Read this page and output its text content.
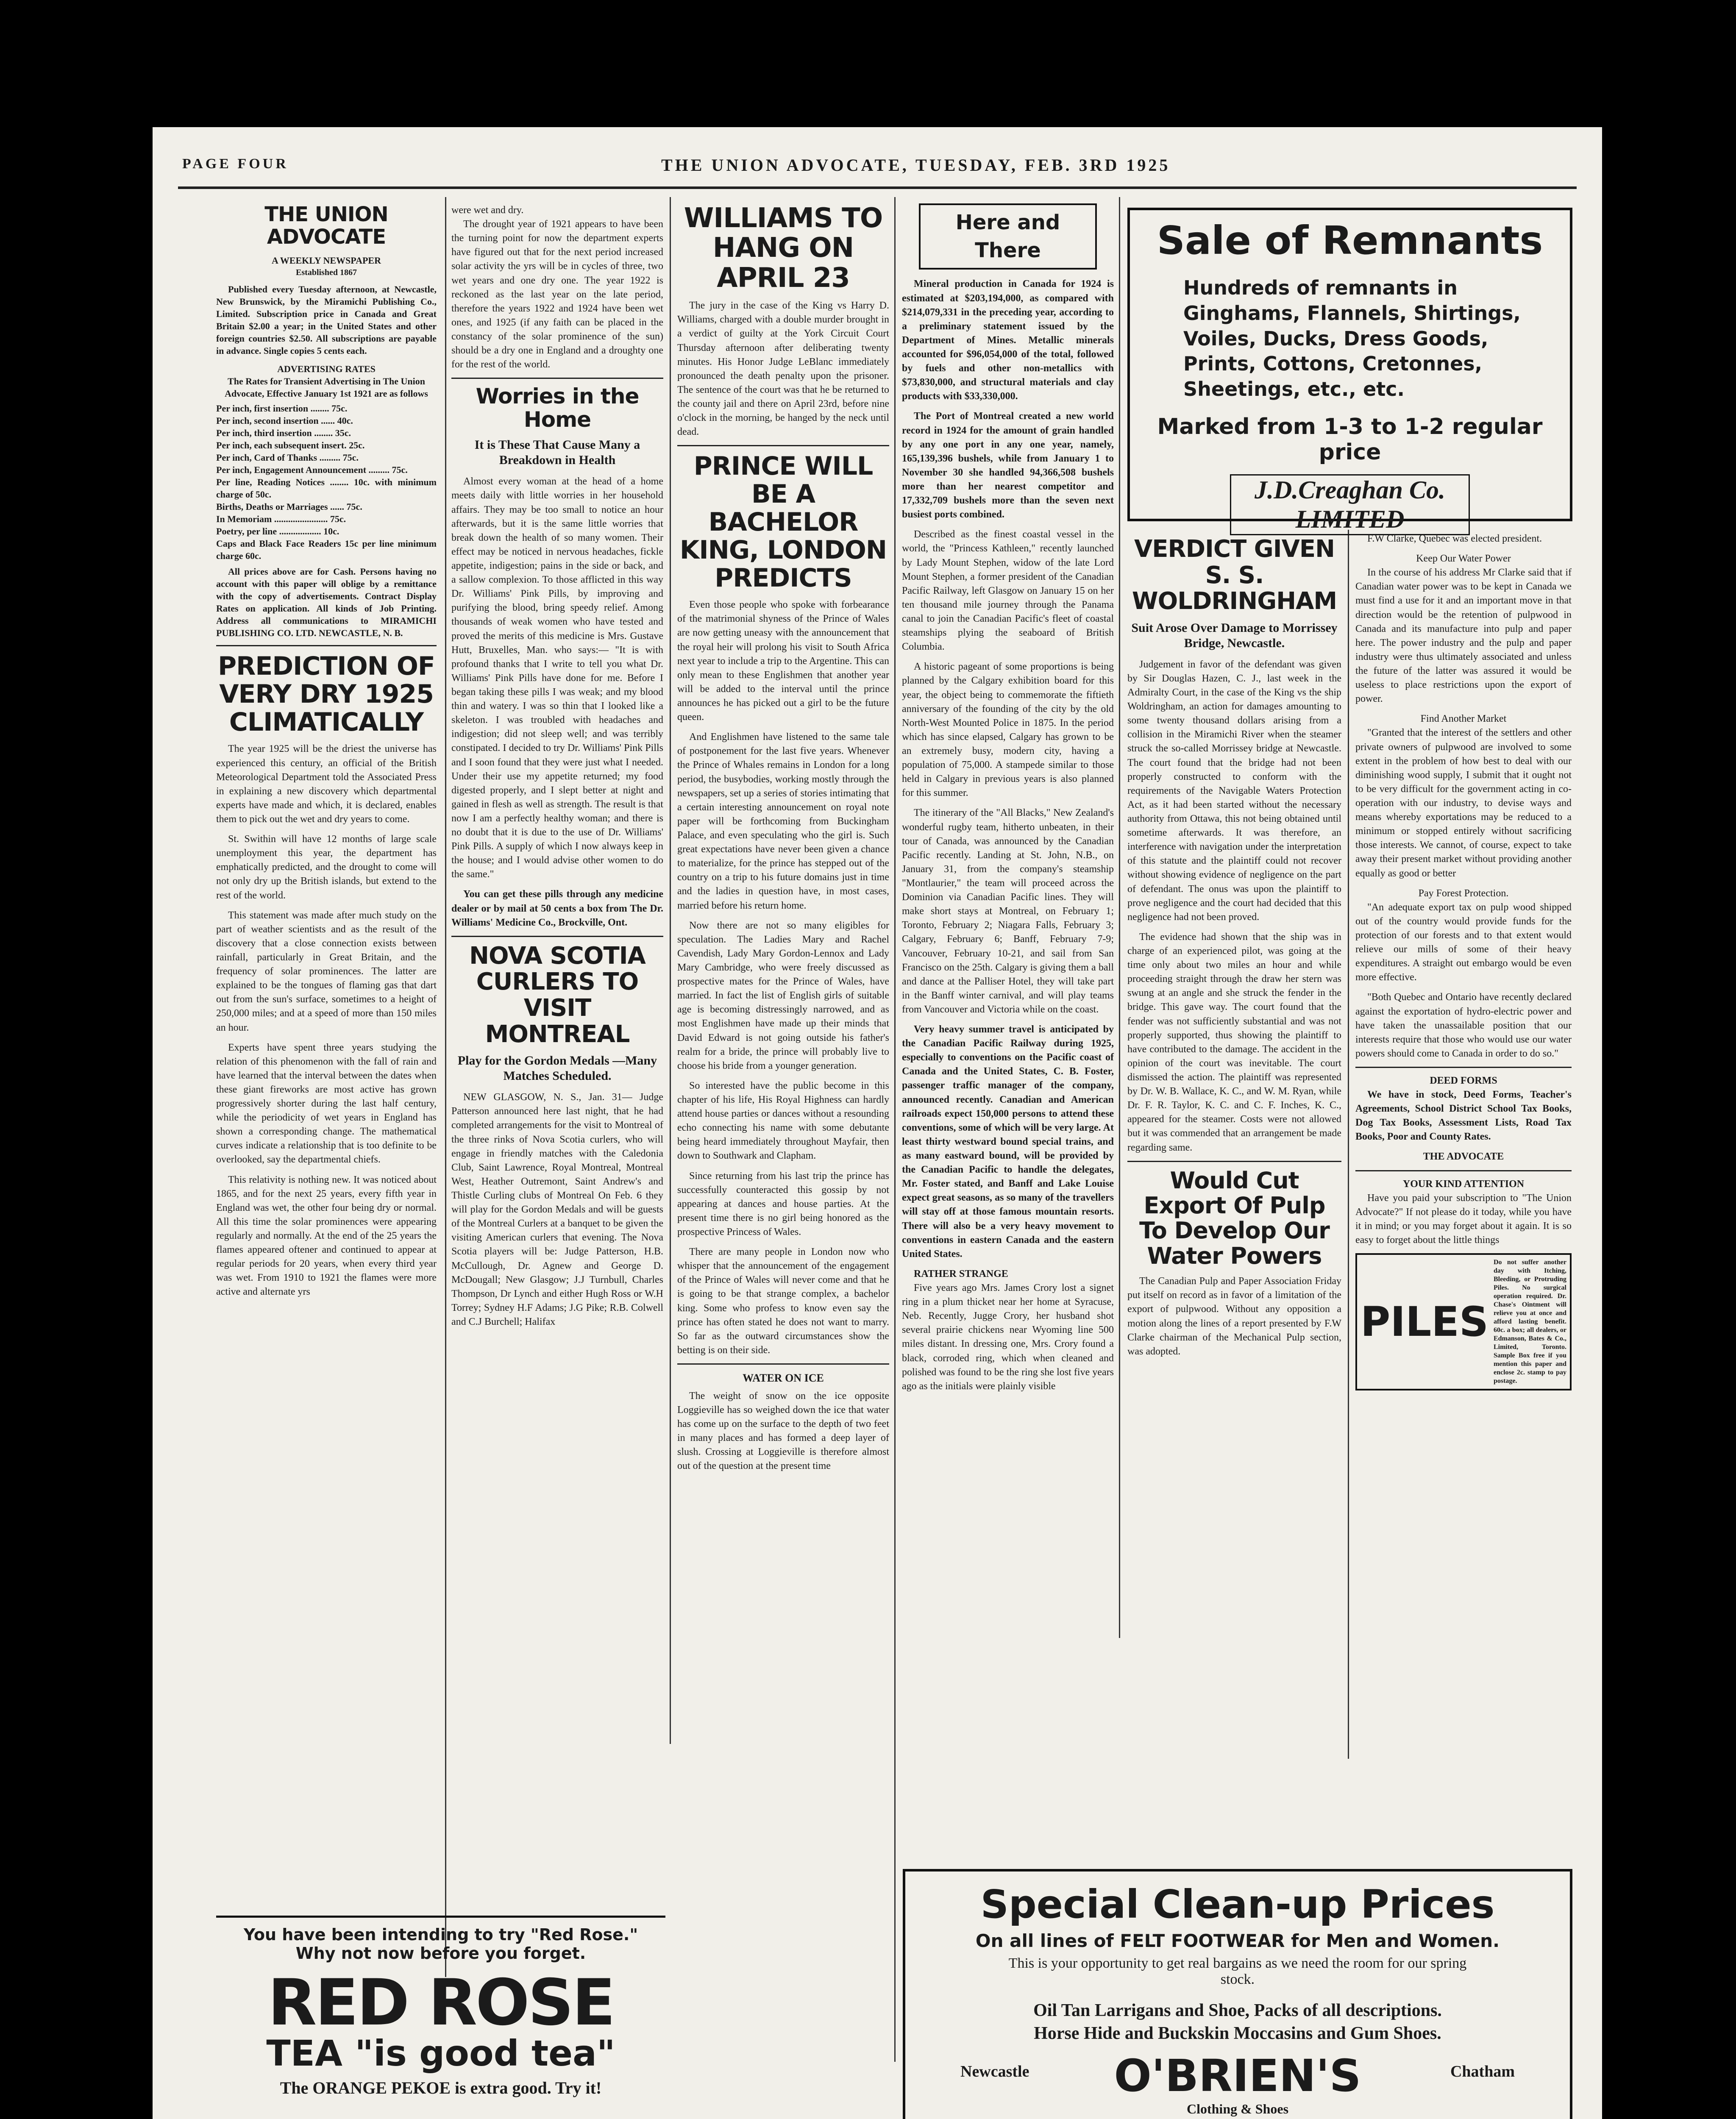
PAGE FOUR	THE UNION ADVOCATE, TUESDAY, FEB. 3RD 1925
THE UNION ADVOCATE
A WEEKLY NEWSPAPER
Established 1867

Published every Tuesday afternoon, at Newcastle, New Brunswick, by the Miramichi Publishing Co., Limited. Subscription price in Canada and Great Britain $2.00 a year; in the United States and other foreign countries $2.50. All subscriptions are payable in advance. Single copies 5 cents each.

ADVERTISING RATES
The Rates for Transient Advertising in The Union Advocate, Effective January 1st 1921 are as follows
Per inch, first insertion ........ 75c.
Per inch, second insertion ...... 40c.
Per inch, third insertion ........ 35c.
Per inch, each subsequent insert. 25c.
Per inch, Card of Thanks ......... 75c.
Per inch, Engagement Announcement ......... 75c.
Per line, Reading Notices ........ 10c. with minimum charge of 50c.
Births, Deaths or Marriages ...... 75c.
In Memoriam ....................... 75c.
Poetry, per line .................. 10c.
Caps and Black Face Readers 15c per line minimum charge 60c.

All prices above are for Cash. Persons having no account with this paper will oblige by a remittance with the copy of advertisements. Contract Display Rates on application. All kinds of Job Printing. Address all communications to MIRAMICHI PUBLISHING CO. LTD. NEWCASTLE, N. B.

PREDICTION OF VERY DRY 1925 CLIMATICALLY

The year 1925 will be the driest the universe has experienced this century, an official of the British Meteorological Department told the Associated Press in explaining a new discovery which departmental experts have made and which, it is declared, enables them to pick out the wet and dry years to come.

St. Swithin will have 12 months of large scale unemployment this year, the department has emphatically predicted, and the drought to come will not only dry up the British islands, but extend to the rest of the world.

This statement was made after much study on the part of weather scientists and as the result of the discovery that a close connection exists between rainfall, particularly in Great Britain, and the frequency of solar prominences. The latter are explained to be the tongues of flaming gas that dart out from the sun's surface, sometimes to a height of 250,000 miles; and at a speed of more than 150 miles an hour.

Experts have spent three years studying the relation of this phenomenon with the fall of rain and have learned that the interval between the dates when these giant fireworks are most active has grown progressively shorter during the last half century, while the periodicity of wet years in England has shown a corresponding change. The mathematical curves indicate a relationship that is too definite to be overlooked, say the departmental chiefs.

This relativity is nothing new. It was noticed about 1865, and for the next 25 years, every fifth year in England was wet, the other four being dry or normal. All this time the solar prominences were appearing regularly and normally. At the end of the 25 years the flames appeared oftener and continued to appear at regular periods for 20 years, when every third year was wet. From 1910 to 1921 the flames were more active and alternate yrs

were wet and dry.

The drought year of 1921 appears to have been the turning point for now the department experts have figured out that for the next period increased solar activity the yrs will be in cycles of three, two wet years and one dry one. The year 1922 is reckoned as the last year on the late period, therefore the years 1922 and 1924 have been wet ones, and 1925 (if any faith can be placed in the constancy of the solar prominence of the sun) should be a dry one in England and a droughty one for the rest of the world.

Worries in the Home
It is These That Cause Many a Breakdown in Health

Almost every woman at the head of a home meets daily with little worries in her household affairs. They may be too small to notice an hour afterwards, but it is the same little worries that break down the health of so many women. Their effect may be noticed in nervous headaches, fickle appetite, indigestion; pains in the side or back, and a sallow complexion. To those afflicted in this way Dr. Williams' Pink Pills, by improving and purifying the blood, bring speedy relief. Among thousands of weak women who have tested and proved the merits of this medicine is Mrs. Gustave Hutt, Bruxelles, Man. who says:— "It is with profound thanks that I write to tell you what Dr. Williams' Pink Pills have done for me. Before I began taking these pills I was weak; and my blood thin and watery. I was so thin that I looked like a skeleton. I was troubled with headaches and indigestion; did not sleep well; and was terribly constipated. I decided to try Dr. Williams' Pink Pills and I soon found that they were just what I needed. Under their use my appetite returned; my food digested properly, and I slept better at night and gained in flesh as well as strength. The result is that now I am a perfectly healthy woman; and there is no doubt that it is due to the use of Dr. Williams' Pink Pills. A supply of which I now always keep in the house; and I would advise other women to do the same."

You can get these pills through any medicine dealer or by mail at 50 cents a box from The Dr. Williams' Medicine Co., Brockville, Ont.

NOVA SCOTIA CURLERS TO VISIT MONTREAL
Play for the Gordon Medals —Many Matches Scheduled.

NEW GLASGOW, N. S., Jan. 31— Judge Patterson announced here last night, that he had completed arrangements for the visit to Montreal of the three rinks of Nova Scotia curlers, who will engage in friendly matches with the Caledonia Club, Saint Lawrence, Royal Montreal, Montreal West, Heather Outremont, Saint Andrew's and Thistle Curling clubs of Montreal On Feb. 6 they will play for the Gordon Medals and will be guests of the Montreal Curlers at a banquet to be given the visiting American curlers that evening. The Nova Scotia players will be: Judge Patterson, H.B. McCullough, Dr. Agnew and George D. McDougall; New Glasgow; J.J Turnbull, Charles Thompson, Dr Lynch and either Hugh Ross or W.H Torrey; Sydney H.F Adams; J.G Pike; R.B. Colwell and C.J Burchell; Halifax

You have been intending to try "Red Rose." Why not now before you forget.
RED ROSE
TEA "is good tea"
The ORANGE PEKOE is extra good. Try it!
WILLIAMS TO HANG ON APRIL 23

The jury in the case of the King vs Harry D. Williams, charged with a double murder brought in a verdict of guilty at the York Circuit Court Thursday afternoon after deliberating twenty minutes. His Honor Judge LeBlanc immediately pronounced the death penalty upon the prisoner. The sentence of the court was that he be returned to the county jail and there on April 23rd, before nine o'clock in the morning, be hanged by the neck until dead.

PRINCE WILL BE A BACHELOR KING, LONDON PREDICTS

Even those people who spoke with forbearance of the matrimonial shyness of the Prince of Wales are now getting uneasy with the announcement that the royal heir will prolong his visit to South Africa next year to include a trip to the Argentine. This can only mean to these Englishmen that another year will be added to the interval until the prince announces he has picked out a girl to be the future queen.

And Englishmen have listened to the same tale of postponement for the last five years. Whenever the Prince of Whales remains in London for a long period, the busybodies, working mostly through the newspapers, set up a series of stories intimating that a certain interesting announcement on royal note paper will be forthcoming from Buckingham Palace, and even speculating who the girl is. Such great expectations have never been given a chance to materialize, for the prince has stepped out of the country on a trip to his future domains just in time and the ladies in question have, in most cases, married before his return home.

Now there are not so many eligibles for speculation. The Ladies Mary and Rachel Cavendish, Lady Mary Gordon-Lennox and Lady Mary Cambridge, who were freely discussed as prospective mates for the Prince of Wales, have married. In fact the list of English girls of suitable age is becoming distressingly narrowed, and as most Englishmen have made up their minds that David Edward is not going outside his father's realm for a bride, the prince will probably live to choose his bride from a younger generation.

So interested have the public become in this chapter of his life, His Royal Highness can hardly attend house parties or dances without a resounding echo connecting his name with some debutante being heard immediately throughout Mayfair, then down to Southwark and Clapham.

Since returning from his last trip the prince has successfully counteracted this gossip by not appearing at dances and house parties. At the present time there is no girl being honored as the prospective Princess of Wales.

There are many people in London now who whisper that the announcement of the engagement of the Prince of Wales will never come and that he is going to be that strange complex, a bachelor king. Some who profess to know even say the prince has often stated he does not want to marry. So far as the outward circumstances show the betting is on their side.

WATER ON ICE

The weight of snow on the ice opposite Loggieville has so weighed down the ice that water has come up on the surface to the depth of two feet in many places and has formed a deep layer of slush. Crossing at Loggieville is therefore almost out of the question at the present time

Here and There

Mineral production in Canada for 1924 is estimated at $203,194,000, as compared with $214,079,331 in the preceding year, according to a preliminary statement issued by the Department of Mines. Metallic minerals accounted for $96,054,000 of the total, followed by fuels and other non-metallics with $73,830,000, and structural materials and clay products with $33,330,000.

The Port of Montreal created a new world record in 1924 for the amount of grain handled by any one port in any one year, namely, 165,139,396 bushels, while from January 1 to November 30 she handled 94,366,508 bushels more than her nearest competitor and 17,332,709 bushels more than the seven next busiest ports combined.

Described as the finest coastal vessel in the world, the "Princess Kathleen," recently launched by Lady Mount Stephen, widow of the late Lord Mount Stephen, a former president of the Canadian Pacific Railway, left Glasgow on January 15 on her ten thousand mile journey through the Panama canal to join the Canadian Pacific's fleet of coastal steamships plying the seaboard of British Columbia.

A historic pageant of some proportions is being planned by the Calgary exhibition board for this year, the object being to commemorate the fiftieth anniversary of the founding of the city by the old North-West Mounted Police in 1875. In the period which has since elapsed, Calgary has grown to be an extremely busy, modern city, having a population of 75,000. A stampede similar to those held in Calgary in previous years is also planned for this summer.

The itinerary of the "All Blacks," New Zealand's wonderful rugby team, hitherto unbeaten, in their tour of Canada, was announced by the Canadian Pacific recently. Landing at St. John, N.B., on January 31, from the company's steamship "Montlaurier," the team will proceed across the Dominion via Canadian Pacific lines. They will make short stays at Montreal, on February 1; Toronto, February 2; Niagara Falls, February 3; Calgary, February 6; Banff, February 7-9; Vancouver, February 10-21, and sail from San Francisco on the 25th. Calgary is giving them a ball and dance at the Palliser Hotel, they will take part in the Banff winter carnival, and will play teams from Vancouver and Victoria while on the coast.

Very heavy summer travel is anticipated by the Canadian Pacific Railway during 1925, especially to conventions on the Pacific coast of Canada and the United States, C. B. Foster, passenger traffic manager of the company, announced recently. Canadian and American railroads expect 150,000 persons to attend these conventions, some of which will be very large. At least thirty westward bound special trains, and as many eastward bound, will be provided by the Canadian Pacific to handle the delegates, Mr. Foster stated, and Banff and Lake Louise expect great seasons, as so many of the travellers will stay off at those famous mountain resorts. There will also be a very heavy movement to conventions in eastern Canada and the eastern United States.

RATHER STRANGE

Five years ago Mrs. James Crory lost a signet ring in a plum thicket near her home at Syracuse, Neb. Recently, Jugge Crory, her husband shot several prairie chickens near Wyoming line 500 miles distant. In dressing one, Mrs. Crory found a black, corroded ring, which when cleaned and polished was found to be the ring she lost five years ago as the initials were plainly visible

Sale of Remnants
Hundreds of remnants in Ginghams, Flannels, Shirtings, Voiles, Ducks, Dress Goods, Prints, Cottons, Cretonnes, Sheetings, etc., etc.
Marked from 1-3 to 1-2 regular price
J.D.Creaghan Co. LIMITED
VERDICT GIVEN S. S. WOLDRINGHAM
Suit Arose Over Damage to Morrissey Bridge, Newcastle.

Judgement in favor of the defendant was given by Sir Douglas Hazen, C. J., last week in the Admiralty Court, in the case of the King vs the ship Woldringham, an action for damages amounting to some twenty thousand dollars arising from a collision in the Miramichi River when the steamer struck the so-called Morrissey bridge at Newcastle. The court found that the bridge had not been properly constructed to conform with the requirements of the Navigable Waters Protection Act, as it had been started without the necessary authority from Ottawa, this not being obtained until sometime afterwards. It was therefore, an interference with navigation under the interpretation of this statute and the plaintiff could not recover without showing evidence of negligence on the part of defendant. The onus was upon the plaintiff to prove negligence and the court had decided that this negligence had not been proved.

The evidence had shown that the ship was in charge of an experienced pilot, was going at the time only about two miles an hour and while proceeding straight through the draw her stern was swung at an angle and she struck the fender in the bridge. This gave way. The court found that the fender was not sufficiently substantial and was not properly supported, thus showing the plaintiff to have contributed to the damage. The accident in the opinion of the court was inevitable. The court dismissed the action. The plaintiff was represented by Dr. W. B. Wallace, K. C., and W. M. Ryan, while Dr. F. R. Taylor, K. C. and C. F. Inches, K. C., appeared for the steamer. Costs were not allowed but it was commended that an arrangement be made regarding same.

Would Cut Export Of Pulp To Develop Our Water Powers

The Canadian Pulp and Paper Association Friday put itself on record as in favor of a limitation of the export of pulpwood. Without any opposition a motion along the lines of a report presented by F.W Clarke chairman of the Mechanical Pulp section, was adopted.

F.W Clarke, Quebec was elected president.

Keep Our Water Power

In the course of his address Mr Clarke said that if Canadian water power was to be kept in Canada we must find a use for it and an important move in that direction would be the retention of pulpwood in Canada and its manufacture into pulp and paper here. The power industry and the pulp and paper industry were thus ultimately associated and unless the future of the latter was assured it would be useless to place restrictions upon the export of power.

Find Another Market

"Granted that the interest of the settlers and other private owners of pulpwood are involved to some extent in the problem of how best to deal with our diminishing wood supply, I submit that it ought not to be very difficult for the government acting in co-operation with our industry, to devise ways and means whereby exportations may be reduced to a minimum or stopped entirely without sacrificing those interests. We cannot, of course, expect to take away their present market without providing another equally as good or better

Pay Forest Protection.

"An adequate export tax on pulp wood shipped out of the country would provide funds for the protection of our forests and to that extent would relieve our mills of some of their heavy expenditures. A straight out embargo would be even more effective.

"Both Quebec and Ontario have recently declared against the exportation of hydro-electric power and have taken the unassailable position that our interests require that those who would use our water powers should come to Canada in order to do so."

DEED FORMS

We have in stock, Deed Forms, Teacher's Agreements, School District School Tax Books, Dog Tax Books, Assessment Lists, Road Tax Books, Poor and County Rates.

THE ADVOCATE
YOUR KIND ATTENTION

Have you paid your subscription to "The Union Advocate?" If not please do it today, while you have it in mind; or you may forget about it again. It is so easy to forget about the little things

PILES
Do not suffer another day with Itching, Bleeding, or Protruding Piles. No surgical operation required. Dr. Chase's Ointment will relieve you at once and afford lasting benefit. 60c. a box; all dealers, or Edmanson, Bates & Co., Limited, Toronto. Sample Box free if you mention this paper and enclose 2c. stamp to pay postage.
Special Clean-up Prices
On all lines of FELT FOOTWEAR for Men and Women.
This is your opportunity to get real bargains as we need the room for our spring stock.
Oil Tan Larrigans and Shoe, Packs of all descriptions.
Horse Hide and Buckskin Moccasins and Gum Shoes.
Newcastle	O'BRIEN'S	Chatham
Clothing & Shoes
